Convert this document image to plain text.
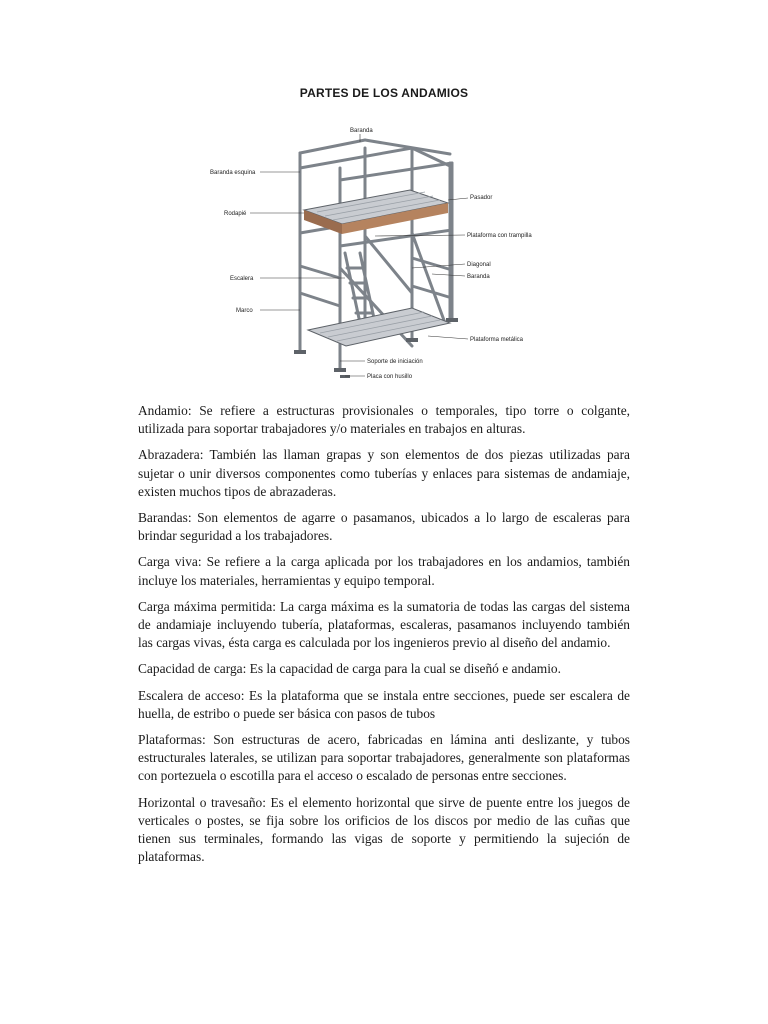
PARTES DE LOS ANDAMIOS
Baranda
Baranda esquina
Rodapié
Pasador
Plataforma con trampilla
Escalera
Diagonal
Baranda
Marco
Plataforma metálica
Soporte de iniciación
Placa con husillo

Andamio: Se refiere a estructuras provisionales o temporales, tipo torre o colgante, utilizada para soportar trabajadores y/o materiales en trabajos en alturas.

Abrazadera: También las llaman grapas y son elementos de dos piezas utilizadas para sujetar o unir diversos componentes como tuberías y enlaces para sistemas de andamiaje, existen muchos tipos de abrazaderas.

Barandas: Son elementos de agarre o pasamanos, ubicados a lo largo de escaleras para brindar seguridad a los trabajadores.

Carga viva: Se refiere a la carga aplicada por los trabajadores en los andamios, también incluye los materiales, herramientas y equipo temporal.

Carga máxima permitida: La carga máxima es la sumatoria de todas las cargas del sistema de andamiaje incluyendo tubería, plataformas, escaleras, pasamanos incluyendo también las cargas vivas, ésta carga es calculada por los ingenieros previo al diseño del andamio.

Capacidad de carga: Es la capacidad de carga para la cual se diseñó e andamio.

Escalera de acceso: Es la plataforma que se instala entre secciones, puede ser escalera de huella, de estribo o puede ser básica con pasos de tubos

Plataformas: Son estructuras de acero, fabricadas en lámina anti deslizante, y tubos estructurales laterales, se utilizan para soportar trabajadores, generalmente son plataformas con portezuela o escotilla para el acceso o escalado de personas entre secciones.

Horizontal o travesaño: Es el elemento horizontal que sirve de puente entre los juegos de verticales o postes, se fija sobre los orificios de los discos por medio de las cuñas que tienen sus terminales, formando las vigas de soporte y permitiendo la sujeción de plataformas.
